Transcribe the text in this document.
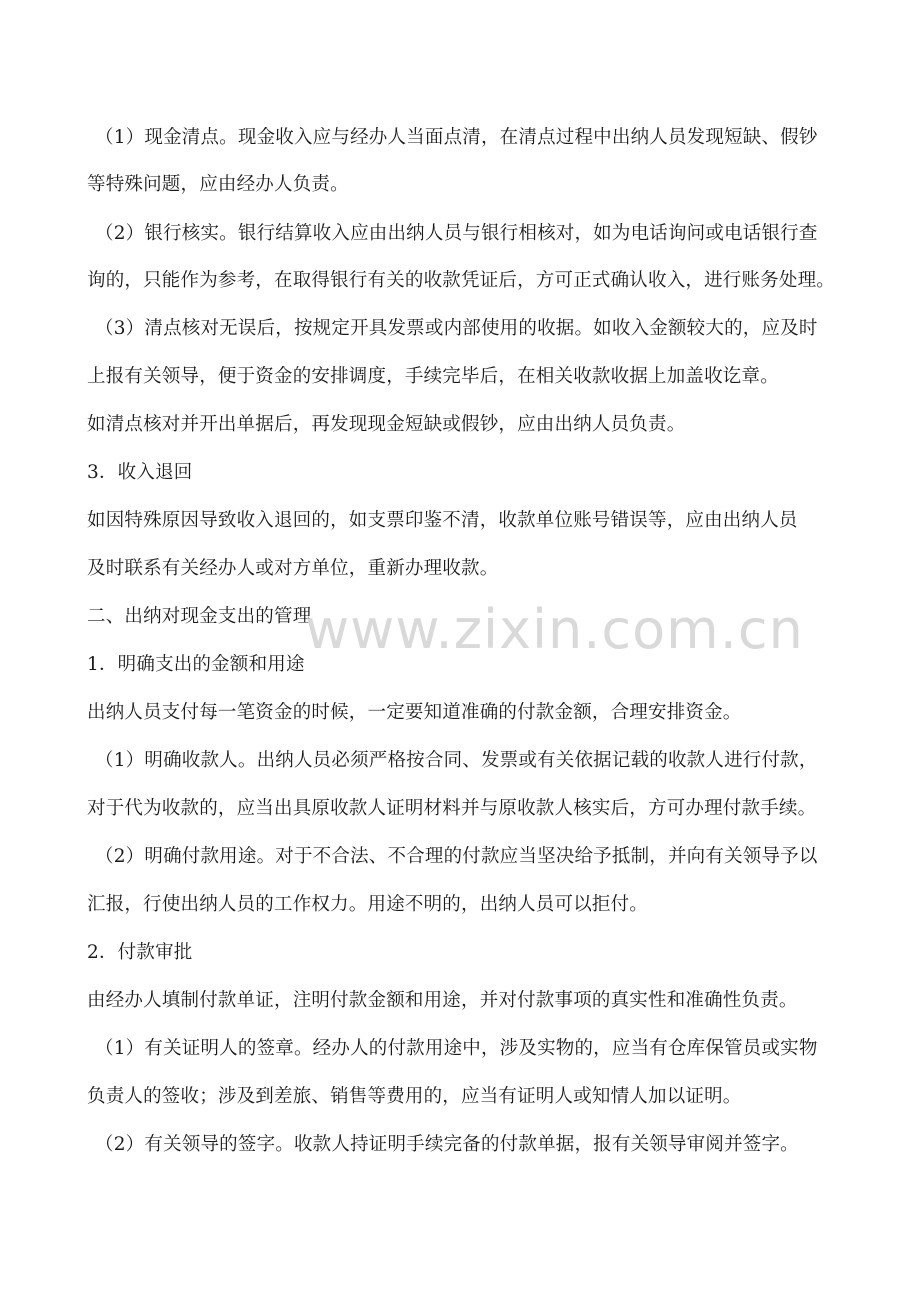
（1）现金清点。现金收入应与经办人当面点清，在清点过程中出纳人员发现短缺、假钞
等特殊问题，应由经办人负责。
（2）银行核实。银行结算收入应由出纳人员与银行相核对，如为电话询问或电话银行查
询的，只能作为参考，在取得银行有关的收款凭证后，方可正式确认收入，进行账务处理。
（3）清点核对无误后，按规定开具发票或内部使用的收据。如收入金额较大的，应及时
上报有关领导，便于资金的安排调度，手续完毕后，在相关收款收据上加盖收讫章。
如清点核对并开出单据后，再发现现金短缺或假钞，应由出纳人员负责。
3．收入退回
如因特殊原因导致收入退回的，如支票印鉴不清，收款单位账号错误等，应由出纳人员
及时联系有关经办人或对方单位，重新办理收款。
二、出纳对现金支出的管理
1．明确支出的金额和用途
出纳人员支付每一笔资金的时候，一定要知道准确的付款金额，合理安排资金。
（1）明确收款人。出纳人员必须严格按合同、发票或有关依据记载的收款人进行付款，
对于代为收款的，应当出具原收款人证明材料并与原收款人核实后，方可办理付款手续。
（2）明确付款用途。对于不合法、不合理的付款应当坚决给予抵制，并向有关领导予以
汇报，行使出纳人员的工作权力。用途不明的，出纳人员可以拒付。
2．付款审批
由经办人填制付款单证，注明付款金额和用途，并对付款事项的真实性和准确性负责。
（1）有关证明人的签章。经办人的付款用途中，涉及实物的，应当有仓库保管员或实物
负责人的签收；涉及到差旅、销售等费用的，应当有证明人或知情人加以证明。
（2）有关领导的签字。收款人持证明手续完备的付款单据，报有关领导审阅并签字。
www.zixin.com.cn
